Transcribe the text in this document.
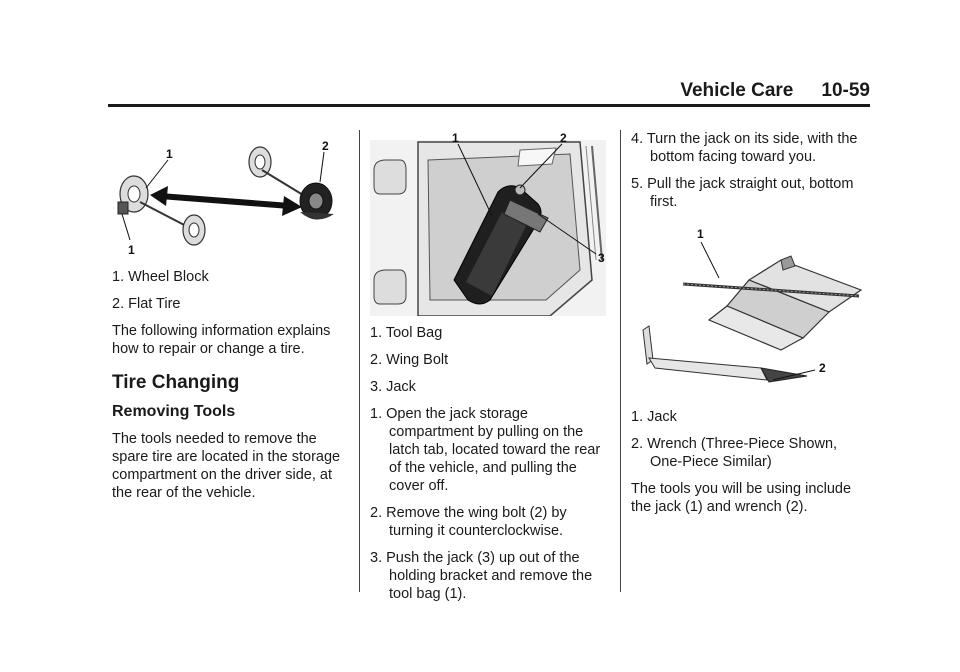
Vehicle Care 10-59
1
2
1
1. Wheel Block
2. Flat Tire

The following information explains how to repair or change a tire.

Tire Changing
Removing Tools

The tools needed to remove the spare tire are located in the storage compartment on the driver side, at the rear of the vehicle.

1	2
3
1. Tool Bag
2. Wing Bolt
3. Jack
1. Open the jack storage compartment by pulling on the latch tab, located toward the rear of the vehicle, and pulling the cover off.
2. Remove the wing bolt (2) by turning it counterclockwise.
3. Push the jack (3) up out of the holding bracket and remove the tool bag (1).
4. Turn the jack on its side, with the bottom facing toward you.
5. Pull the jack straight out, bottom first.
1
2
1. Jack
2. Wrench (Three-Piece Shown, One-Piece Similar)

The tools you will be using include the jack (1) and wrench (2).
